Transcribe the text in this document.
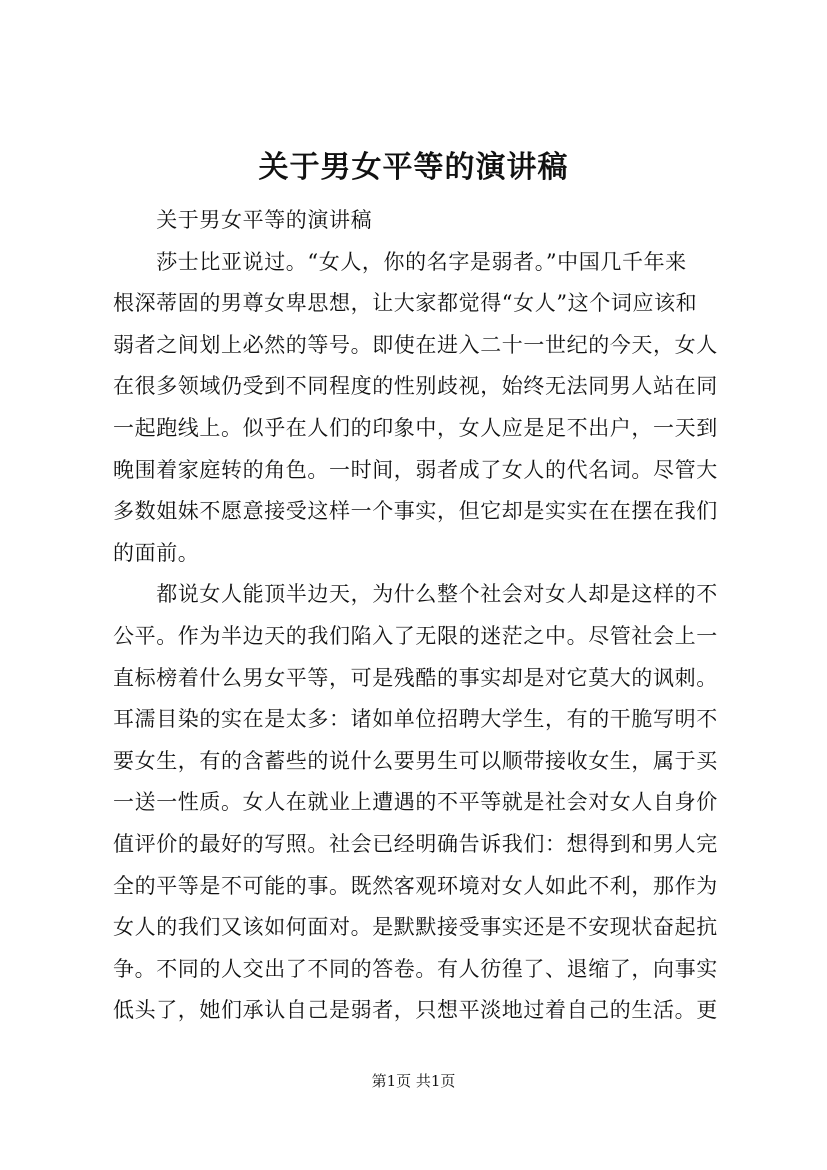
关于男女平等的演讲稿
　　关于男女平等的演讲稿
　　莎士比亚说过。“女人，你的名字是弱者。”中国几千年来
根深蒂固的男尊女卑思想，让大家都觉得“女人”这个词应该和
弱者之间划上必然的等号。即使在进入二十一世纪的今天，女人
在很多领域仍受到不同程度的性别歧视，始终无法同男人站在同
一起跑线上。似乎在人们的印象中，女人应是足不出户，一天到
晚围着家庭转的角色。一时间，弱者成了女人的代名词。尽管大
多数姐妹不愿意接受这样一个事实，但它却是实实在在摆在我们
的面前。
　　都说女人能顶半边天，为什么整个社会对女人却是这样的不
公平。作为半边天的我们陷入了无限的迷茫之中。尽管社会上一
直标榜着什么男女平等，可是残酷的事实却是对它莫大的讽刺。
耳濡目染的实在是太多：诸如单位招聘大学生，有的干脆写明不
要女生，有的含蓄些的说什么要男生可以顺带接收女生，属于买
一送一性质。女人在就业上遭遇的不平等就是社会对女人自身价
值评价的最好的写照。社会已经明确告诉我们：想得到和男人完
全的平等是不可能的事。既然客观环境对女人如此不利，那作为
女人的我们又该如何面对。是默默接受事实还是不安现状奋起抗
争。不同的人交出了不同的答卷。有人彷徨了、退缩了，向事实
低头了，她们承认自己是弱者，只想平淡地过着自己的生活。更
第1页 共1页
